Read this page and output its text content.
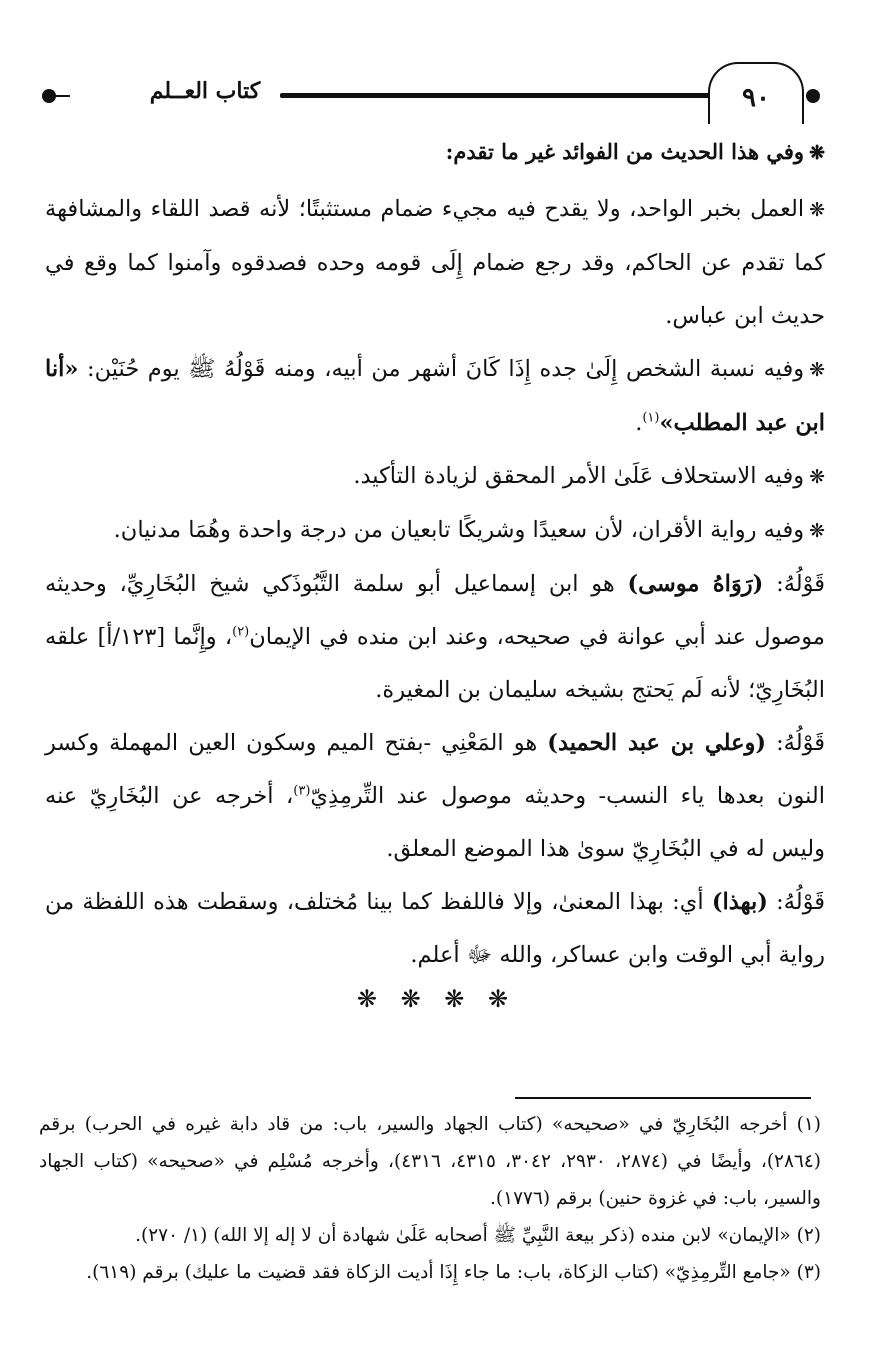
كتاب العــلم	٩٠

❋وفي هذا الحديث من الفوائد غير ما تقدم:

❋العمل بخبر الواحد، ولا يقدح فيه مجيء ضمام مستثبتًا؛ لأنه قصد اللقاء والمشافهة كما تقدم عن الحاكم، وقد رجع ضمام إِلَى قومه وحده فصدقوه وآمنوا كما وقع في حديث ابن عباس.

❋وفيه نسبة الشخص إِلَىٰ جده إِذَا كَانَ أشهر من أبيه، ومنه قَوْلُهُ ﷺ يوم حُنَيْن: «أنا ابن عبد المطلب»$^{(١)}$.

❋وفيه الاستحلاف عَلَىٰ الأمر المحقق لزيادة التأكيد.

❋وفيه رواية الأقران، لأن سعيدًا وشريكًا تابعيان من درجة واحدة وهُمَا مدنيان.

قَوْلُهُ: (رَوَاهُ موسى) هو ابن إسماعيل أبو سلمة التَّبُوذَكي شيخ البُخَارِيِّ، وحديثه موصول عند أبي عوانة في صحيحه، وعند ابن منده في الإيمان$^{(٢)}$، وإِنَّما [١٢٣/أ] علقه البُخَارِيّ؛ لأنه لَم يَحتج بشيخه سليمان بن المغيرة.

قَوْلُهُ: (وعلي بن عبد الحميد) هو المَعْنِي -بفتح الميم وسكون العين المهملة وكسر النون بعدها ياء النسب- وحديثه موصول عند التِّرمِذِيّ$^{(٣)}$، أخرجه عن البُخَارِيّ عنه وليس له في البُخَارِيّ سوىٰ هذا الموضع المعلق.

قَوْلُهُ: (بهذا) أي: بهذا المعنىٰ، وإلا فاللفظ كما بينا مُختلف، وسقطت هذه اللفظة من رواية أبي الوقت وابن عساكر، والله ﷻ أعلم.

❋ ❋ ❋ ❋

(١) أخرجه البُخَارِيّ في «صحيحه» (كتاب الجهاد والسير، باب: من قاد دابة غيره في الحرب) برقم (٢٨٦٤)، وأيضًا في (٢٨٧٤، ٢٩٣٠، ٣٠٤٢، ٤٣١٥، ٤٣١٦)، وأخرجه مُسْلِم في «صحيحه» (كتاب الجهاد والسير، باب: في غزوة حنين) برقم (١٧٧٦).

(٢) «الإيمان» لابن منده (ذكر بيعة النَّبِيِّ ﷺ أصحابه عَلَىٰ شهادة أن لا إله إلا الله) (١/ ٢٧٠).

(٣) «جامع التِّرمِذِيّ» (كتاب الزكاة، باب: ما جاء إِذَا أديت الزكاة فقد قضيت ما عليك) برقم (٦١٩).
